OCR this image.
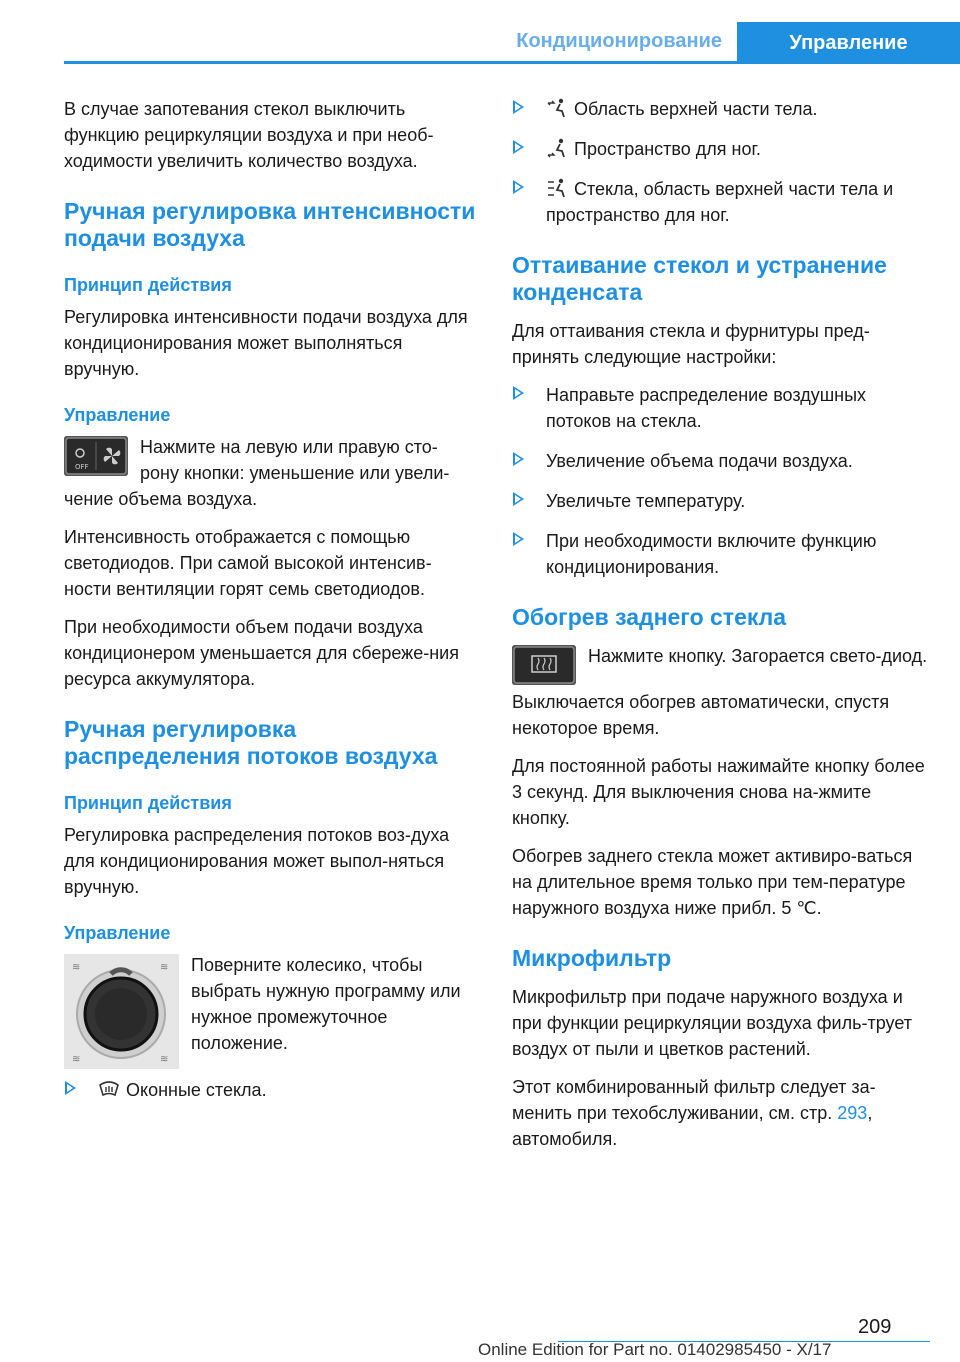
Кондиционирование	Управление

В случае запотевания стекол выключить функцию рециркуляции воздуха и при необ-ходимости увеличить количество воздуха.

Ручная регулировка интенсивности подачи воздуха
Принцип действия

Регулировка интенсивности подачи воздуха для кондиционирования может выполняться вручную.

Управление
OFF

Нажмите на левую или правую сто-рону кнопки: уменьшение или увели-чение объема воздуха.

Интенсивность отображается с помощью светодиодов. При самой высокой интенсив-ности вентиляции горят семь светодиодов.

При необходимости объем подачи воздуха кондиционером уменьшается для сбереже-ния ресурса аккумулятора.

Ручная регулировка распределения потоков воздуха
Принцип действия

Регулировка распределения потоков воз-духа для кондиционирования может выпол-няться вручную.

Управление
≋	≋
≋	≋

Поверните колесико, чтобы выбрать нужную программу или нужное промежуточное положение.

Оконные стекла.
Область верхней части тела.
Пространство для ног.
Стекла, область верхней части тела и пространство для ног.
Оттаивание стекол и устранение конденсата

Для оттаивания стекла и фурнитуры пред-принять следующие настройки:

Направьте распределение воздушных потоков на стекла.
Увеличение объема подачи воздуха.
Увеличьте температуру.
При необходимости включите функцию кондиционирования.
Обогрев заднего стекла

Нажмите кнопку. Загорается свето-диод.

Выключается обогрев автоматически, спустя некоторое время.

Для постоянной работы нажимайте кнопку более 3 секунд. Для выключения снова на-жмите кнопку.

Обогрев заднего стекла может активиро-ваться на длительное время только при тем-пературе наружного воздуха ниже прибл. 5 ℃.

Микрофильтр

Микрофильтр при подаче наружного воздуха и при функции рециркуляции воздуха филь-трует воздух от пыли и цветков растений.

Этот комбинированный фильтр следует за-менить при техобслуживании, см. стр. 293, автомобиля.

209
Online Edition for Part no. 01402985450 - X/17
